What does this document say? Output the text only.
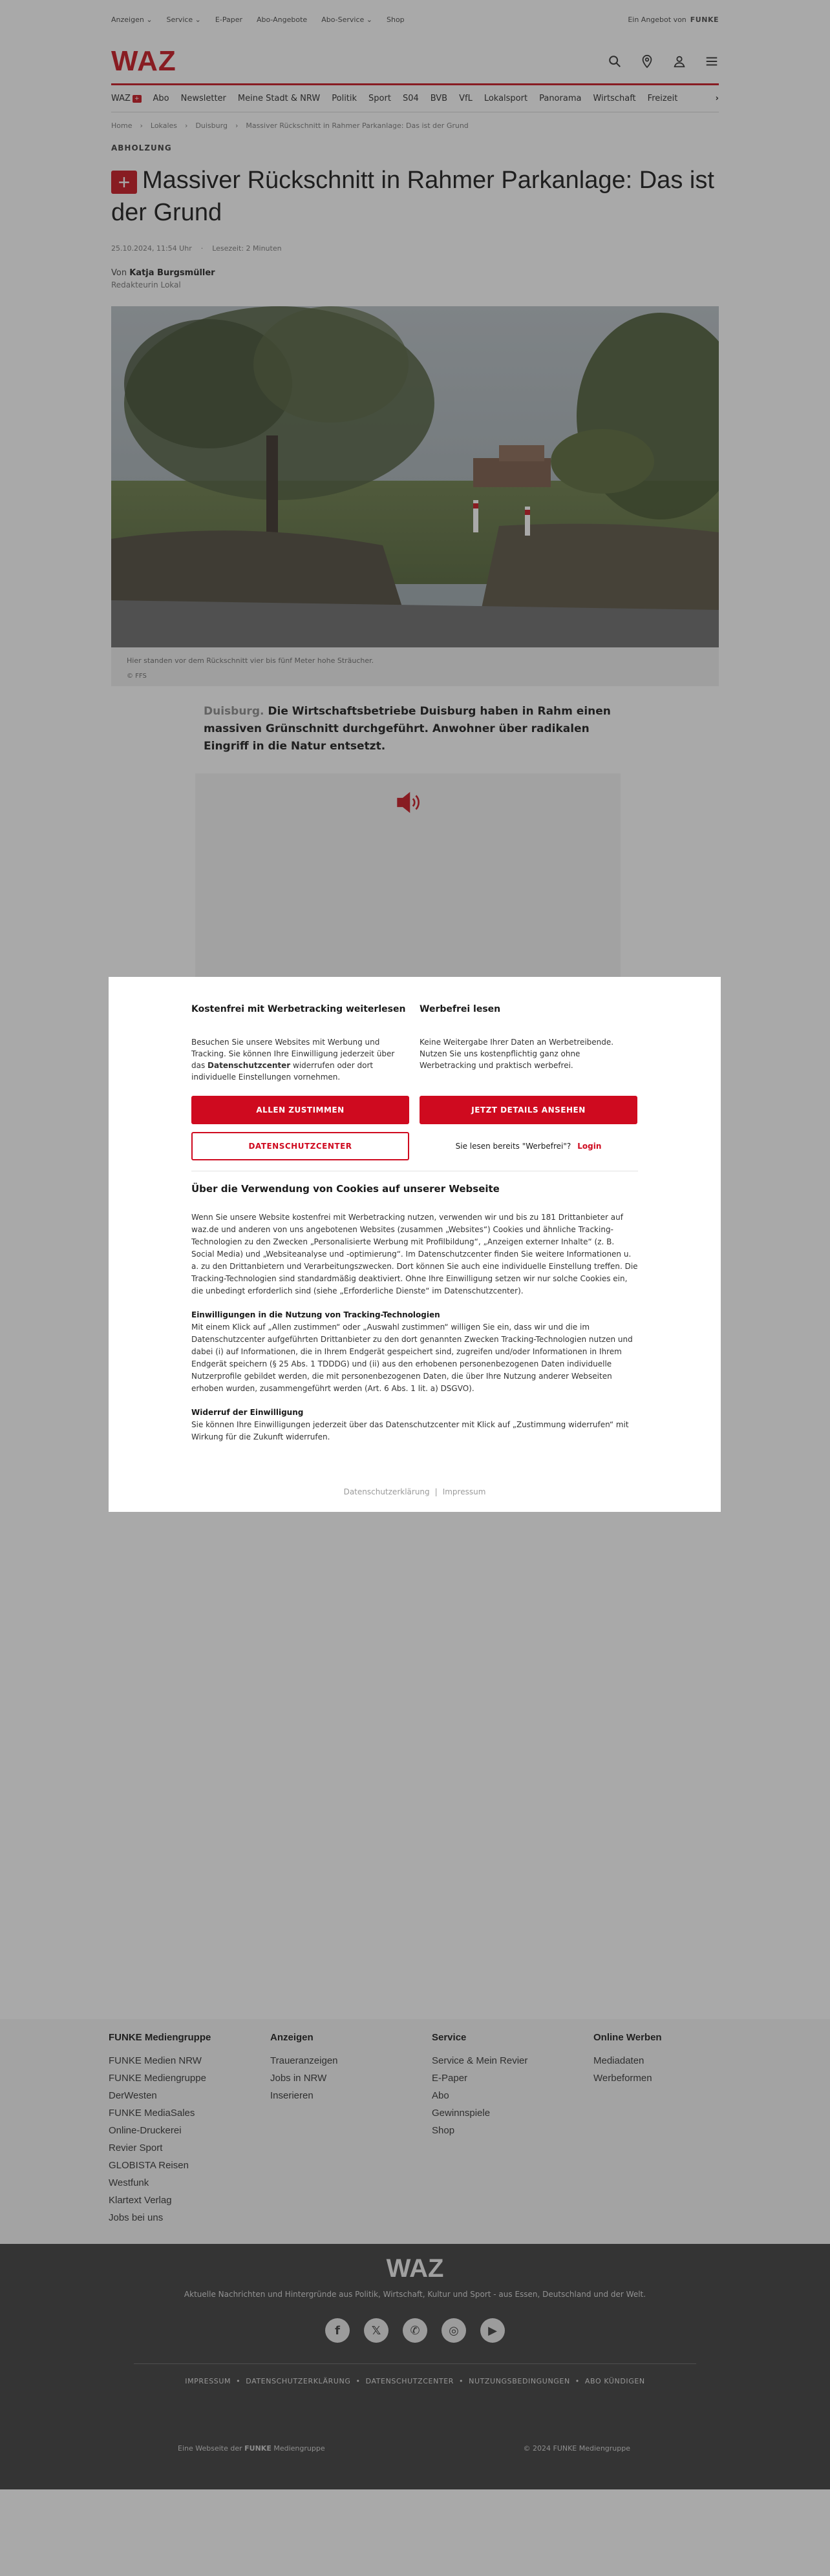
Anzeigen ⌄ Service ⌄ E-Paper Abo-Angebote Abo-Service ⌄ Shop	Ein Angebot von FUNKE
WAZ
WAZ + Abo Newsletter Meine Stadt & NRW Politik Sport S04 BVB VfL Lokalsport Panorama Wirtschaft Freizeit	›
Home › Lokales › Duisburg › Massiver Rückschnitt in Rahmer Parkanlage: Das ist der Grund
ABHOLZUNG
+ Massiver Rückschnitt in Rahmer Parkanlage: Das ist der Grund
25.10.2024, 11:54 Uhr · Lesezeit: 2 Minuten
Von Katja Burgsmüller
Redakteurin Lokal
Hier standen vor dem Rückschnitt vier bis fünf Meter hohe Sträucher.
© FFS

Duisburg. Die Wirtschaftsbetriebe Duisburg haben in Rahm einen massiven Grünschnitt durchgeführt. Anwohner über radikalen Eingriff in die Natur entsetzt.

FUNKE Mediengruppe
FUNKE Medien NRW
FUNKE Mediengruppe
DerWesten
FUNKE MediaSales
Online-Druckerei
Revier Sport
GLOBISTA Reisen
Westfunk
Klartext Verlag
Jobs bei uns
Anzeigen
Traueranzeigen
Jobs in NRW
Inserieren
Service
Service & Mein Revier
E-Paper
Abo
Gewinnspiele
Shop
Online Werben
Mediadaten
Werbeformen
WAZ
Aktuelle Nachrichten und Hintergründe aus Politik, Wirtschaft, Kultur und Sport - aus Essen, Deutschland und der Welt.
f	𝕏	✆	◎	▶
IMPRESSUM • DATENSCHUTZERKLÄRUNG • DATENSCHUTZCENTER • NUTZUNGSBEDINGUNGEN • ABO KÜNDIGEN
Eine Webseite der FUNKE Mediengruppe	© 2024 FUNKE Mediengruppe
Kostenfrei mit Werbetracking weiterlesen

Besuchen Sie unsere Websites mit Werbung und Tracking. Sie können Ihre Einwilligung jederzeit über das Datenschutzcenter widerrufen oder dort individuelle Einstellungen vornehmen.

Werbefrei lesen

Keine Weitergabe Ihrer Daten an Werbetreibende. Nutzen Sie uns kostenpflichtig ganz ohne Werbetracking und praktisch werbefrei.

ALLEN ZUSTIMMEN	JETZT DETAILS ANSEHEN
DATENSCHUTZCENTER	Sie lesen bereits "Werbefrei"? Login
Über die Verwendung von Cookies auf unserer Webseite

Wenn Sie unsere Website kostenfrei mit Werbetracking nutzen, verwenden wir und bis zu 181 Drittanbieter auf waz.de und anderen von uns angebotenen Websites (zusammen „Websites“) Cookies und ähnliche Tracking-Technologien zu den Zwecken „Personalisierte Werbung mit Profilbildung“, „Anzeigen externer Inhalte“ (z. B. Social Media) und „Websiteanalyse und -optimierung“. Im Datenschutzcenter finden Sie weitere Informationen u. a. zu den Drittanbietern und Verarbeitungszwecken. Dort können Sie auch eine individuelle Einstellung treffen. Die Tracking-Technologien sind standardmäßig deaktiviert. Ohne Ihre Einwilligung setzen wir nur solche Cookies ein, die unbedingt erforderlich sind (siehe „Erforderliche Dienste“ im Datenschutzcenter).

Einwilligungen in die Nutzung von Tracking-Technologien
Mit einem Klick auf „Allen zustimmen“ oder „Auswahl zustimmen“ willigen Sie ein, dass wir und die im Datenschutzcenter aufgeführten Drittanbieter zu den dort genannten Zwecken Tracking-Technologien nutzen und dabei (i) auf Informationen, die in Ihrem Endgerät gespeichert sind, zugreifen und/oder Informationen in Ihrem Endgerät speichern (§ 25 Abs. 1 TDDDG) und (ii) aus den erhobenen personenbezogenen Daten individuelle Nutzerprofile gebildet werden, die mit personenbezogenen Daten, die über Ihre Nutzung anderer Webseiten erhoben wurden, zusammengeführt werden (Art. 6 Abs. 1 lit. a) DSGVO).

Widerruf der Einwilligung
Sie können Ihre Einwilligungen jederzeit über das Datenschutzcenter mit Klick auf „Zustimmung widerrufen“ mit Wirkung für die Zukunft widerrufen.

Datenschutzerklärung | Impressum
